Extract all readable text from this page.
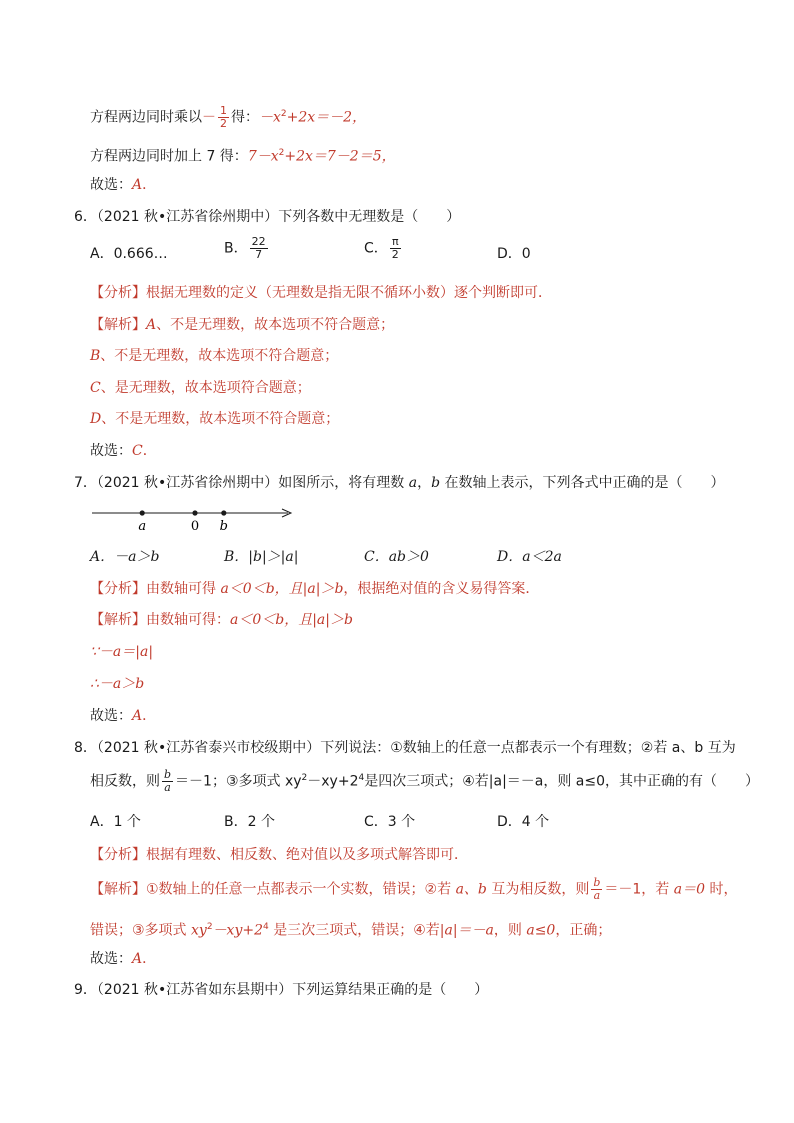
方程两边同时乘以－ $\frac{1}{2}$ 得：$-x^2+2x=-2$，
方程两边同时加上 7 得：$7-x^2+2x=7-2=5$，
故选：A．
6．（2021 秋•江苏省徐州期中）下列各数中无理数是（　　）
A．0.666…	B． $\frac{22}{7}$	C． $\frac{\pi}{2}$	D．0
【分析】根据无理数的定义（无理数是指无限不循环小数）逐个判断即可．
【解析】A、不是无理数，故本选项不符合题意；
B、不是无理数，故本选项不符合题意；
C、是无理数，故本选项符合题意；
D、不是无理数，故本选项不符合题意；
故选：C．
7．（2021 秋•江苏省徐州期中）如图所示，将有理数 a，b 在数轴上表示，下列各式中正确的是（　　）
a	0 b
A．－a＞b	B．|b|＞|a|	C．ab＞0	D．a＜2a
【分析】由数轴可得 a＜0＜b，且|a|＞b，根据绝对值的含义易得答案．
【解析】由数轴可得：a＜0＜b，且|a|＞b
∵－a＝|a|
∴－a＞b
故选：A．
8．（2021 秋•江苏省泰兴市校级期中）下列说法：①数轴上的任意一点都表示一个有理数；②若 a、b 互为
相反数，则 $\frac{b}{a} =-1$；③多项式 $xy^2-xy+2^4$是四次三项式；④若|a|＝－a，则 a≤0，其中正确的有（　　）
A．1 个	B．2 个	C．3 个	D．4 个
【分析】根据有理数、相反数、绝对值以及多项式解答即可．
【解析】①数轴上的任意一点都表示一个实数，错误；②若 a、b 互为相反数，则 $\frac{b}{a} =-1$，若 a＝0 时，
错误；③多项式 $xy^2-xy+2^4$ 是三次三项式，错误；④若|a|＝－a，则 a≤0，正确；
故选：A．
9．（2021 秋•江苏省如东县期中）下列运算结果正确的是（　　）
